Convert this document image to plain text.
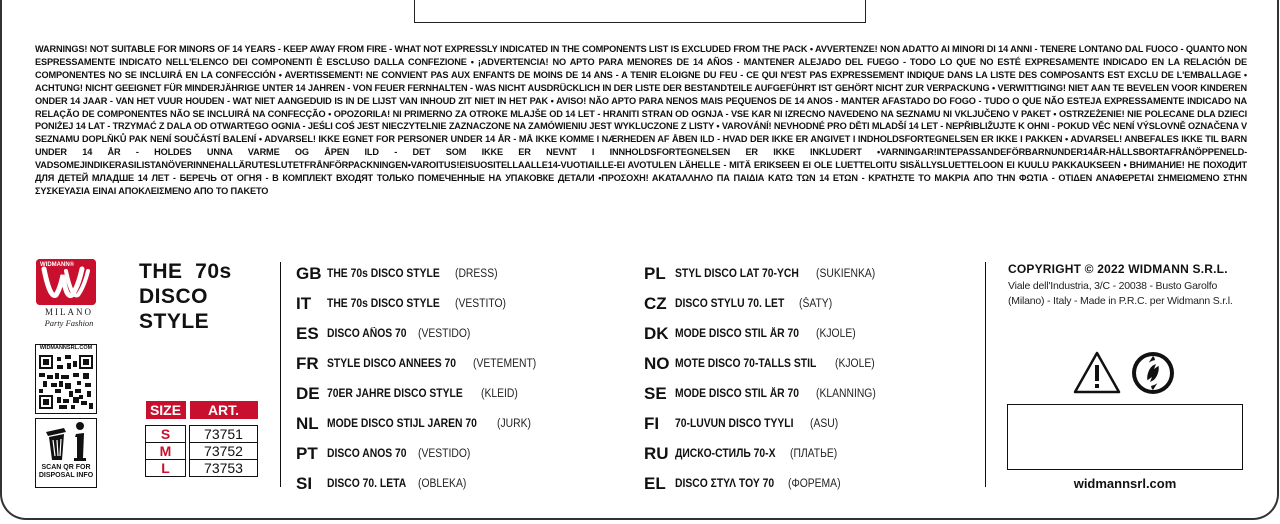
WARNINGS! NOT SUITABLE FOR MINORS OF 14 YEARS - KEEP AWAY FROM FIRE - WHAT NOT EXPRESSLY INDICATED IN THE COMPONENTS LIST IS EXCLUDED FROM THE PACK • AVVERTENZE! NON ADATTO AI MINORI DI 14 ANNI - TENERE LONTANO DAL FUOCO - QUANTO NON ESPRESSAMENTE INDICATO NELL'ELENCO DEI COMPONENTI È ESCLUSO DALLA CONFEZIONE • ¡ADVERTENCIA! NO APTO PARA MENORES DE 14 AÑOS - MANTENER ALEJADO DEL FUEGO - TODO LO QUE NO ESTÉ EXPRESAMENTE INDICADO EN LA RELACIÓN DE COMPONENTES NO SE INCLUIRÁ EN LA CONFECCIÓN • AVERTISSEMENT! NE CONVIENT PAS AUX ENFANTS DE MOINS DE 14 ANS - A TENIR ELOIGNE DU FEU - CE QUI N'EST PAS EXPRESSEMENT INDIQUE DANS LA LISTE DES COMPOSANTS EST EXCLU DE L'EMBALLAGE • ACHTUNG! NICHT GEEIGNET FÜR MINDERJÄHRIGE UNTER 14 JAHREN - VON FEUER FERNHALTEN - WAS NICHT AUSDRÜCKLICH IN DER LISTE DER BESTANDTEILE AUFGEFÜHRT IST GEHÖRT NICHT ZUR VERPACKUNG • VERWITTIGING! NIET AAN TE BEVELEN VOOR KINDEREN ONDER 14 JAAR - VAN HET VUUR HOUDEN - WAT NIET AANGEDUID IS IN DE LIJST VAN INHOUD ZIT NIET IN HET PAK • AVISO! NÃO APTO PARA NENOS MAIS PEQUENOS DE 14 ANOS - MANTER AFASTADO DO FOGO - TUDO O QUE NÃO ESTEJA EXPRESSAMENTE INDICADO NA RELAÇÃO DE COMPONENTES NÃO SE INCLUIRÁ NA CONFECÇÃO • OPOZORILA! NI PRIMERNO ZA OTROKE MLAJŠE OD 14 LET - HRANITI STRAN OD OGNJA - VSE KAR NI IZRECNO NAVEDENO NA SEZNAMU NI VKLJUČENO V PAKET • OSTRZEŻENIE! NIE POLECANE DLA DZIECI PONIŻEJ 14 LAT - TRZYMAĆ Z DALA OD OTWARTEGO OGNIA - JEŚLI COŚ JEST NIECZYTELNIE ZAZNACZONE NA ZAMÓWIENIU JEST WYKLUCZONE Z LISTY • VAROVÁNÍ! NEVHODNÉ PRO DĚTI MLADŠÍ 14 LET - NEPŘIBLIŽUJTE K OHNI - POKUD VĚC NENÍ VÝSLOVNĚ OZNAČENA V SEZNAMU DOPLŇKŮ PAK NENÍ SOUČÁSTÍ BALENÍ • ADVARSEL! IKKE EGNET FOR PERSONER UNDER 14 ÅR - MÅ IKKE KOMME I NÆRHEDEN AF ÅBEN ILD - HVAD DER IKKE ER ANGIVET I INDHOLDSFORTEGNELSEN ER IKKE I PAKKEN • ADVARSEL! ANBEFALES IKKE TIL BARN UNDER 14 ÅR - HOLDES UNNA VARME OG ÅPEN ILD - DET SOM IKKE ER NEVNT I INNHOLDSFORTEGNELSEN ER IKKE INKLUDERT •VARNINGAR!INTEPASSANDEFÖRBARNUNDER14ÅR-HÅLLSBORTAFRÅNÖPPENELD-VADSOMEJINDIKERASILISTANÖVERINNEHALLÄRUTESLUTETFRÅNFÖRPACKNINGEN•VAROITUS!EISUOSITELLAALLE14-VUOTIAILLE-EI AVOTULEN LÄHELLE - MITÄ ERIKSEEN EI OLE LUETTELOITU SISÄLLYSLUETTELOON EI KUULU PAKKAUKSEEN • ВНИМАНИЕ! НЕ ПОХОДИТ ДЛЯ ДЕТЕЙ МЛАДШЕ 14 ЛЕТ - БЕРЕЧЬ ОТ ОГНЯ - В КОМПЛЕКТ ВХОДЯТ ТОЛЬКО ПОМЕЧЕННЫЕ НА УПАКОВКЕ ДЕТАЛИ •ΠΡΟΣΟΧΗ! ΑΚΑΤΑΛΛΗΛΟ ΠΑ ΠΑΙΔΙΑ ΚΑΤΩ ΤΩΝ 14 ΕΤΩΝ - ΚΡΑΤΗΣΤΕ ΤΟ ΜΑΚΡΙΑ ΑΠΟ ΤΗΝ ΦΩΤΙΑ - ΟΤΙΔΕΝ ΑΝΑΦΕΡΕΤΑΙ ΣΗΜΕΙΩΜΕΝΟ ΣΤΗΝ ΣΥΣΚΕΥΑΣΙΑ ΕΙΝΑΙ ΑΠΟΚΛΕΙΣΜΕΝΟ ΑΠΟ ΤΟ ΠΑΚΕΤΟ

WIDMANN®
MILANO
Party Fashion
WIDMANNSRL.COM
SCAN QR FOR
DISPOSAL INFO
THE  70s
DISCO
STYLE
SIZE		ART.

S		73751
M		73752
L		73753
GB THE 70s DISCO STYLE (DRESS)
IT	THE 70s DISCO STYLE (VESTITO)
ES DISCO AÑOS 70 (VESTIDO)
FR STYLE DISCO ANNEES 70 (VETEMENT)
DE 70ER JAHRE DISCO STYLE (KLEID)
NL MODE DISCO STIJL JAREN 70 (JURK)
PT DISCO ANOS 70 (VESTIDO)
SI	DISCO 70. LETA (OBLEKA)
PL STYL DISCO LAT 70-YCH (SUKIENKA)
CZ DISCO STYLU 70. LET (ŠATY)
DK MODE DISCO STIL ÅR 70 (KJOLE)
NO MOTE DISCO 70-TALLS STIL (KJOLE)
SE MODE DISCO STIL ÅR 70 (KLÄNNING)
FI	70-LUVUN DISCO TYYLI (ASU)
RU ДИСКО-СТИЛЬ 70-Х (ПЛАТЬЕ)
EL DISCO ΣΤΥΛ ΤΟΥ 70 (ΦΟΡΕΜΑ)
COPYRIGHT © 2022 WIDMANN S.R.L.
Viale dell'Industria, 3/C - 20038 - Busto Garolfo (Milano) - Italy - Made in P.R.C. per Widmann S.r.l.
widmannsrl.com
